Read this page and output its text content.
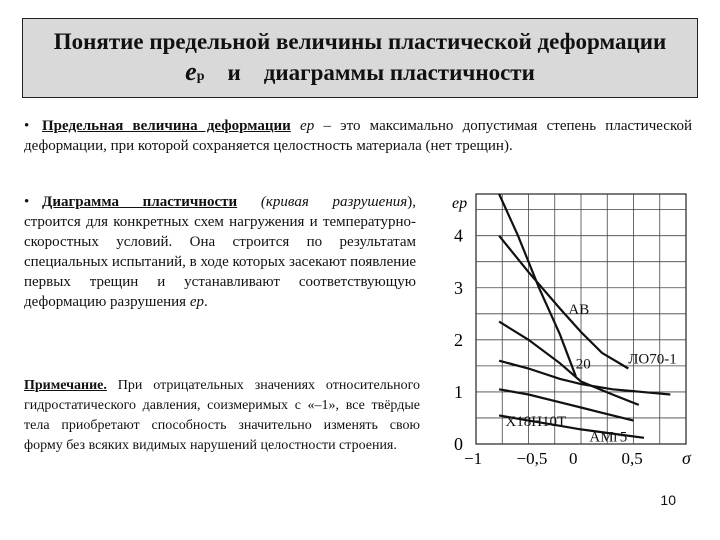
Понятие предельной величины пластической деформации
eр и диаграммы пластичности
• Предельная величина деформации eр – это максимально допустимая степень пластической деформации, при которой сохраняется целостность материала (нет трещин).
• Диаграмма пластичности (кривая разрушения), строится для конкретных схем нагружения и температурно-скоростных условий. Она строится по результатам специальных испытаний, в ходе которых засекают появление первых трещин и устанавливают соответствующую деформацию разрушения eр.
Примечание. При отрицательных значениях относительного гидростатического давления, соизмеримых с «–1», все твёрдые тела приобретают способность значительно изменять свою форму без всяких видимых нарушений целостности строения.	0
1
2
3
4
−1 −0,5 0	0,5
eр
σ
АВ
20	ЛО70-1
Х18Н10Т
АМг5
10
